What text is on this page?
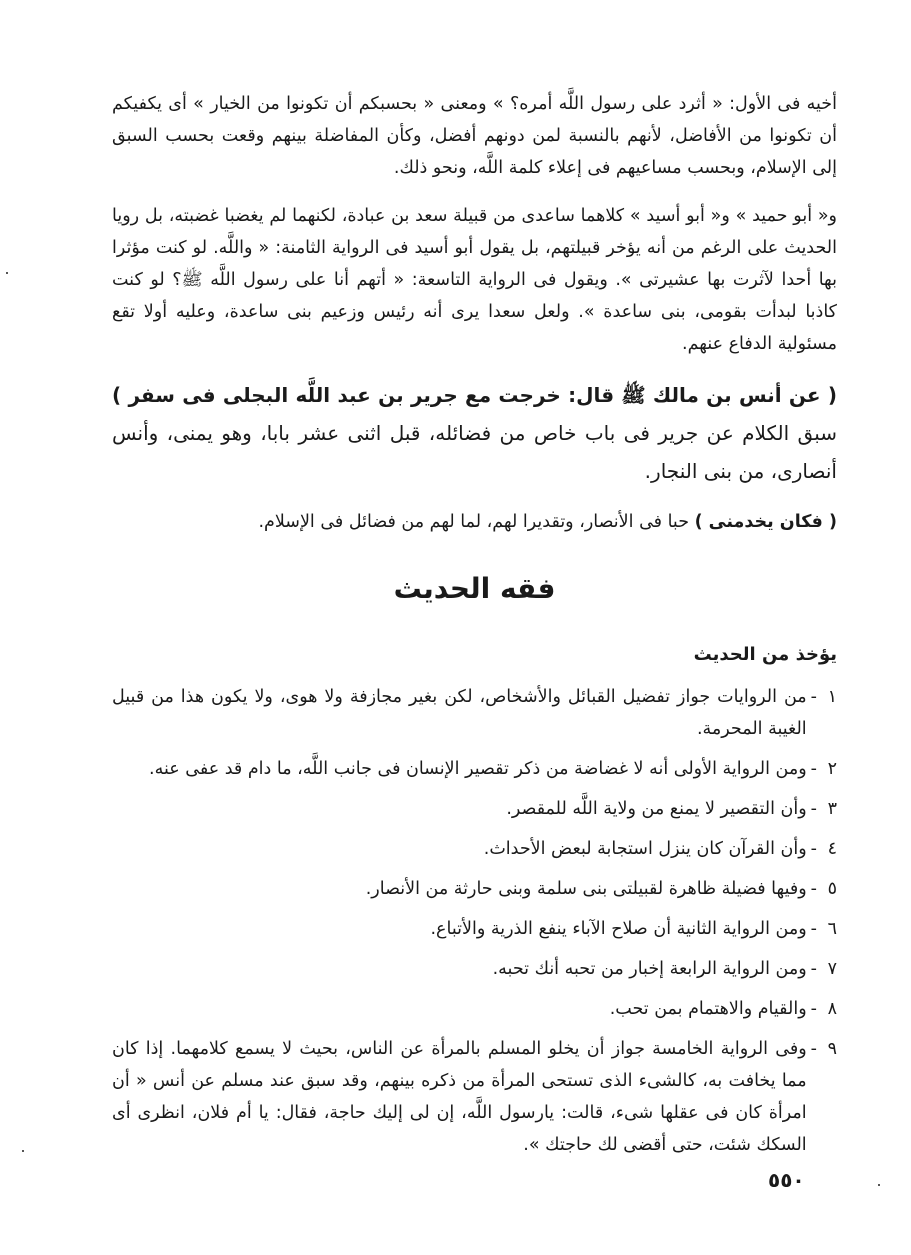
أخيه فى الأول: « أثرد على رسول اللَّه أمره؟ » ومعنى « بحسبكم أن تكونوا من الخيار » أى يكفيكم أن تكونوا من الأفاضل، لأنهم بالنسبة لمن دونهم أفضل، وكأن المفاضلة بينهم وقعت بحسب السبق إلى الإسلام، وبحسب مساعيهم فى إعلاء كلمة اللَّه، ونحو ذلك.

و« أبو حميد » و« أبو أسيد » كلاهما ساعدى من قبيلة سعد بن عبادة، لكنهما لم يغضبا غضبته، بل رويا الحديث على الرغم من أنه يؤخر قبيلتهم، بل يقول أبو أسيد فى الرواية الثامنة: « واللَّه. لو كنت مؤثرا بها أحدا لآثرت بها عشيرتى ». ويقول فى الرواية التاسعة: « أتهم أنا على رسول اللَّه ﷺ؟ لو كنت كاذبا لبدأت بقومى، بنى ساعدة ». ولعل سعدا يرى أنه رئيس وزعيم بنى ساعدة، وعليه أولا تقع مسئولية الدفاع عنهم.

( عن أنس بن مالك ﷺ قال: خرجت مع جرير بن عبد اللَّه البجلى فى سفر ) سبق الكلام عن جرير فى باب خاص من فضائله، قبل اثنى عشر بابا، وهو يمنى، وأنس أنصارى، من بنى النجار.

( فكان يخدمنى ) حبا فى الأنصار، وتقديرا لهم، لما لهم من فضائل فى الإسلام.

فقه الحديث
يؤخذ من الحديث
١
-
من الروايات جواز تفضيل القبائل والأشخاص، لكن بغير مجازفة ولا هوى، ولا يكون هذا من قبيل الغيبة المحرمة.
٢
-
ومن الرواية الأولى أنه لا غضاضة من ذكر تقصير الإنسان فى جانب اللَّه، ما دام قد عفى عنه.
٣
-
وأن التقصير لا يمنع من ولاية اللَّه للمقصر.
٤
-
وأن القرآن كان ينزل استجابة لبعض الأحداث.
٥
-
وفيها فضيلة ظاهرة لقبيلتى بنى سلمة وبنى حارثة من الأنصار.
٦
-
ومن الرواية الثانية أن صلاح الآباء ينفع الذرية والأتباع.
٧
-
ومن الرواية الرابعة إخبار من تحبه أنك تحبه.
٨
-
والقيام والاهتمام بمن تحب.
٩
-
وفى الرواية الخامسة جواز أن يخلو المسلم بالمرأة عن الناس، بحيث لا يسمع كلامهما. إذا كان مما يخافت به، كالشىء الذى تستحى المرأة من ذكره بينهم، وقد سبق عند مسلم عن أنس « أن امرأة كان فى عقلها شىء، قالت: يارسول اللَّه، إن لى إليك حاجة، فقال: يا أم فلان، انظرى أى السكك شئت، حتى أقضى لك حاجتك ».
٥٥٠
